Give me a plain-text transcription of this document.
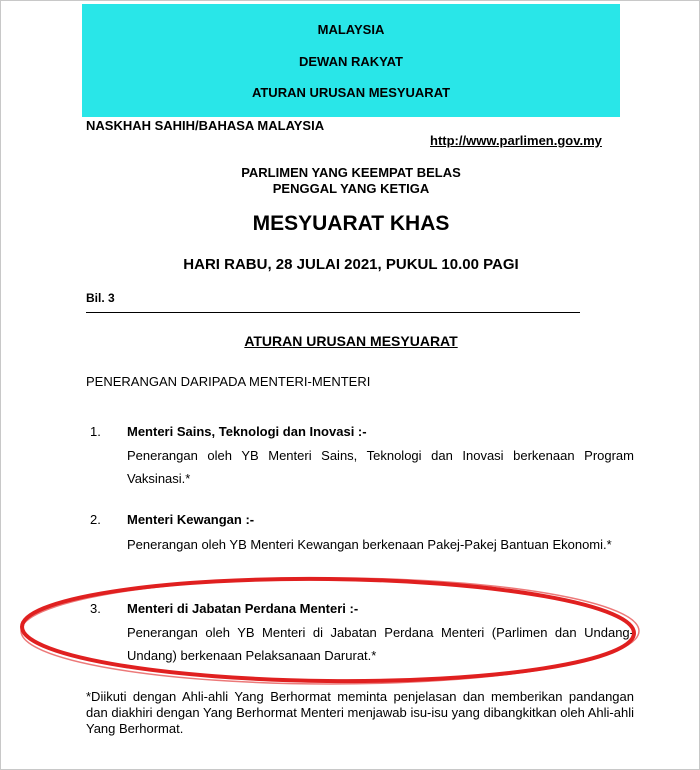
MALAYSIA
DEWAN RAKYAT
ATURAN URUSAN MESYUARAT
NASKHAH SAHIH/BAHASA MALAYSIA
http://www.parlimen.gov.my
PARLIMEN YANG KEEMPAT BELAS
PENGGAL YANG KETIGA
MESYUARAT KHAS
HARI RABU, 28 JULAI 2021, PUKUL 10.00 PAGI
Bil. 3
ATURAN URUSAN MESYUARAT
PENERANGAN DARIPADA MENTERI-MENTERI
1. Menteri Sains, Teknologi dan Inovasi :-
Penerangan oleh YB Menteri Sains, Teknologi dan Inovasi berkenaan Program Vaksinasi.*
2. Menteri Kewangan :-
Penerangan oleh YB Menteri Kewangan berkenaan Pakej-Pakej Bantuan Ekonomi.*
3. Menteri di Jabatan Perdana Menteri :-
Penerangan oleh YB Menteri di Jabatan Perdana Menteri (Parlimen dan Undang-Undang) berkenaan Pelaksanaan Darurat.*
*Diikuti dengan Ahli-ahli Yang Berhormat meminta penjelasan dan memberikan pandangan dan diakhiri dengan Yang Berhormat Menteri menjawab isu-isu yang dibangkitkan oleh Ahli-ahli Yang Berhormat.
